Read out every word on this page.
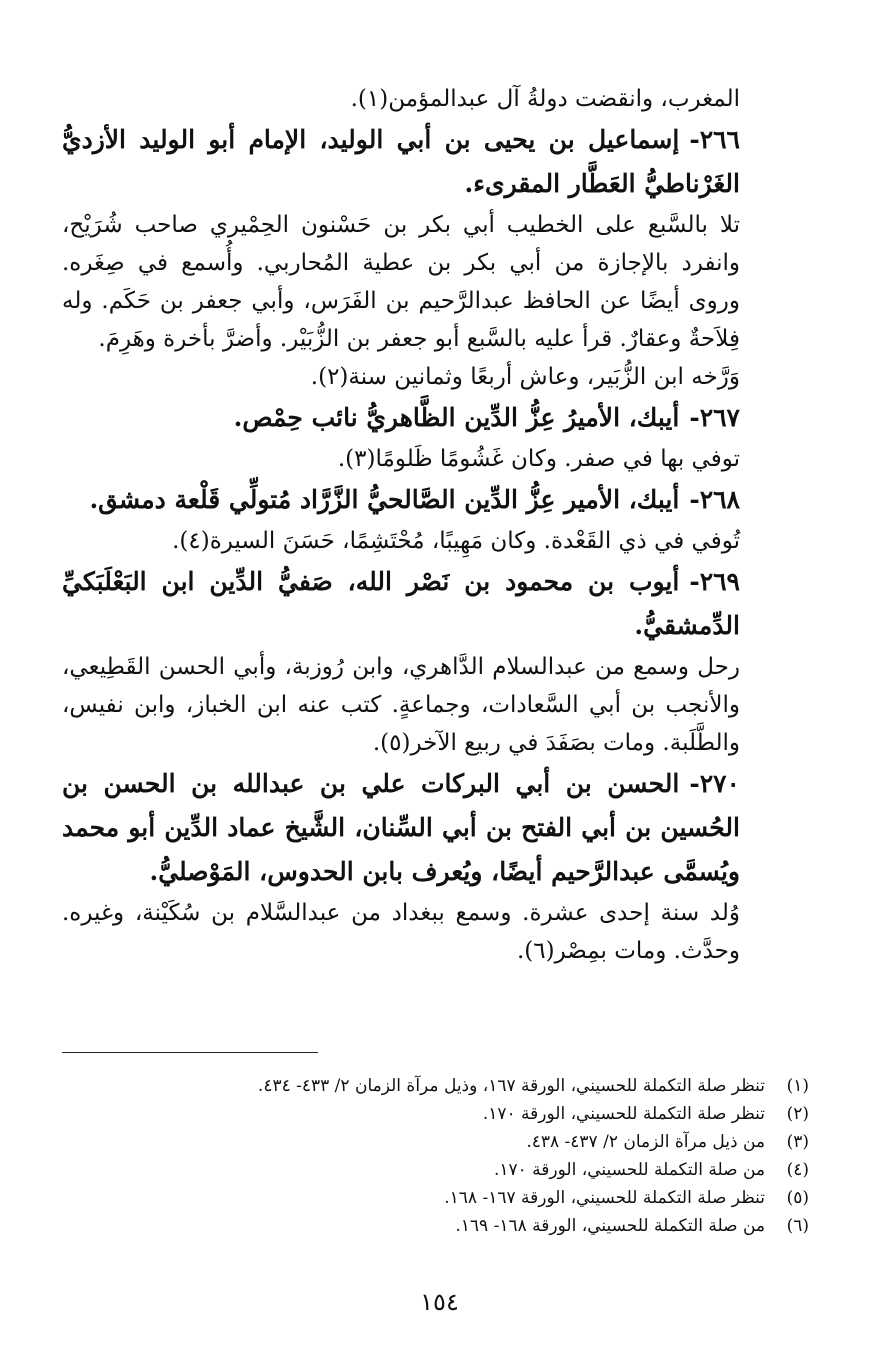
المغرب، وانقضت دولةُ آل عبدالمؤمن(١).

٢٦٦-إسماعيل بن يحيى بن أبي الوليد، الإمام أبو الوليد الأزديُّ الغَرْناطيُّ العَطَّار المقرىء.

تلا بالسَّبع على الخطيب أبي بكر بن حَسْنون الحِمْيري صاحب شُرَيْح، وانفرد بالإجازة من أبي بكر بن عطية المُحاربي. وأُسمع في صِغَره. وروى أيضًا عن الحافظ عبدالرَّحيم بن الفَرَس، وأبي جعفر بن حَكَم. وله فِلاَحةٌ وعقارٌ. قرأ عليه بالسَّبع أبو جعفر بن الزُّبَيْر. وأضرَّ بأخرة وهَرِمَ.

وَرَّخه ابن الزُّبَير، وعاش أربعًا وثمانين سنة(٢).

٢٦٧-أيبك، الأميرُ عِزُّ الدِّين الظَّاهريُّ نائب حِمْص.

توفي بها في صفر. وكان غَشُومًا ظَلومًا(٣).

٢٦٨-أيبك، الأمير عِزُّ الدِّين الصَّالحيُّ الزَّرَّاد مُتولِّي قَلْعة دمشق.

تُوفي في ذي القَعْدة. وكان مَهِيبًا، مُحْتَشِمًا، حَسَنَ السيرة(٤).

٢٦٩-أيوب بن محمود بن نَصْر الله، صَفيُّ الدِّين ابن البَعْلَبَكيِّ الدِّمشقيُّ.

رحل وسمع من عبدالسلام الدَّاهري، وابن رُوزبة، وأبي الحسن القَطِيعي، والأنجب بن أبي السَّعادات، وجماعةٍ. كتب عنه ابن الخباز، وابن نفيس، والطَّلَبة. ومات بصَفَدَ في ربيع الآخر(٥).

٢٧٠-الحسن بن أبي البركات علي بن عبدالله بن الحسن بن الحُسين بن أبي الفتح بن أبي السِّنان، الشَّيخ عماد الدِّين أبو محمد ويُسمَّى عبدالرَّحيم أيضًا، ويُعرف بابن الحدوس، المَوْصليُّ.

وُلد سنة إحدى عشرة. وسمع ببغداد من عبدالسَّلام بن سُكَيْنة، وغيره. وحدَّث. ومات بمِصْر(٦).

(١)
تنظر صلة التكملة للحسيني، الورقة ١٦٧، وذيل مرآة الزمان ٢/ ٤٣٣- ٤٣٤.
(٢)
تنظر صلة التكملة للحسيني، الورقة ١٧٠.
(٣)
من ذيل مرآة الزمان ٢/ ٤٣٧- ٤٣٨.
(٤)
من صلة التكملة للحسيني، الورقة ١٧٠.
(٥)
تنظر صلة التكملة للحسيني، الورقة ١٦٧- ١٦٨.
(٦)
من صلة التكملة للحسيني، الورقة ١٦٨- ١٦٩.
١٥٤
